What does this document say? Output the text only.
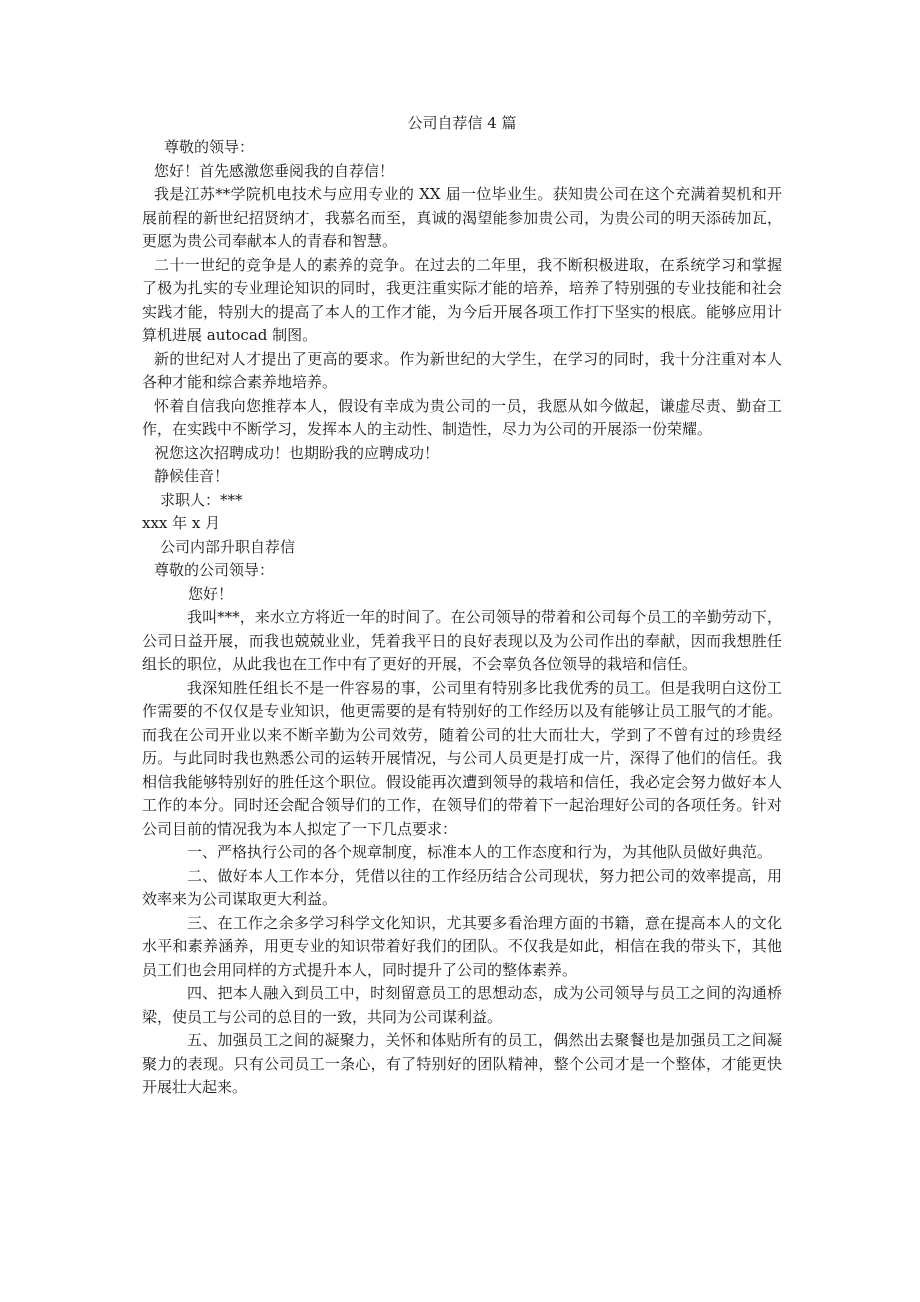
公司自荐信 4 篇

尊敬的领导：

您好！首先感激您垂阅我的自荐信！

我是江苏**学院机电技术与应用专业的 XX 届一位毕业生。获知贵公司在这个充满着契机和开展前程的新世纪招贤纳才，我慕名而至，真诚的渴望能参加贵公司，为贵公司的明天添砖加瓦，更愿为贵公司奉献本人的青春和智慧。

二十一世纪的竞争是人的素养的竞争。在过去的二年里，我不断积极进取，在系统学习和掌握了极为扎实的专业理论知识的同时，我更注重实际才能的培养，培养了特别强的专业技能和社会实践才能，特别大的提高了本人的工作才能，为今后开展各项工作打下坚实的根底。能够应用计算机进展 autocad 制图。

新的世纪对人才提出了更高的要求。作为新世纪的大学生，在学习的同时，我十分注重对本人各种才能和综合素养地培养。

怀着自信我向您推荐本人，假设有幸成为贵公司的一员，我愿从如今做起，谦虚尽责、勤奋工作，在实践中不断学习，发挥本人的主动性、制造性，尽力为公司的开展添一份荣耀。

祝您这次招聘成功！也期盼我的应聘成功！

静候佳音！

求职人：***

xxx 年 x 月

公司内部升职自荐信

尊敬的公司领导：

您好！

我叫***，来水立方将近一年的时间了。在公司领导的带着和公司每个员工的辛勤劳动下，公司日益开展，而我也兢兢业业，凭着我平日的良好表现以及为公司作出的奉献，因而我想胜任组长的职位，从此我也在工作中有了更好的开展，不会辜负各位领导的栽培和信任。

我深知胜任组长不是一件容易的事，公司里有特别多比我优秀的员工。但是我明白这份工作需要的不仅仅是专业知识，他更需要的是有特别好的工作经历以及有能够让员工服气的才能。而我在公司开业以来不断辛勤为公司效劳，随着公司的壮大而壮大，学到了不曾有过的珍贵经历。与此同时我也熟悉公司的运转开展情况，与公司人员更是打成一片，深得了他们的信任。我相信我能够特别好的胜任这个职位。假设能再次遭到领导的栽培和信任，我必定会努力做好本人工作的本分。同时还会配合领导们的工作，在领导们的带着下一起治理好公司的各项任务。针对公司目前的情况我为本人拟定了一下几点要求：

一、严格执行公司的各个规章制度，标准本人的工作态度和行为，为其他队员做好典范。

二、做好本人工作本分，凭借以往的工作经历结合公司现状，努力把公司的效率提高，用效率来为公司谋取更大利益。

三、在工作之余多学习科学文化知识，尤其要多看治理方面的书籍，意在提高本人的文化水平和素养涵养，用更专业的知识带着好我们的团队。不仅我是如此，相信在我的带头下，其他员工们也会用同样的方式提升本人，同时提升了公司的整体素养。

四、把本人融入到员工中，时刻留意员工的思想动态，成为公司领导与员工之间的沟通桥梁，使员工与公司的总目的一致，共同为公司谋利益。

五、加强员工之间的凝聚力，关怀和体贴所有的员工，偶然出去聚餐也是加强员工之间凝聚力的表现。只有公司员工一条心，有了特别好的团队精神，整个公司才是一个整体，才能更快开展壮大起来。
